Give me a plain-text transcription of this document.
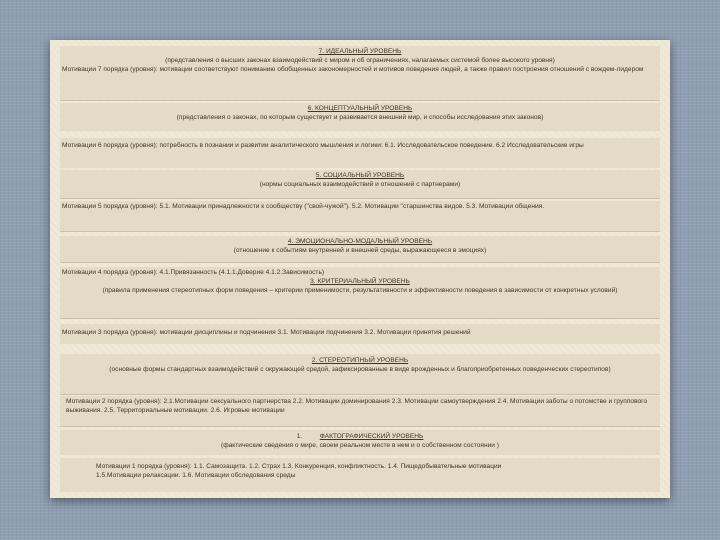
7. ИДЕАЛЬНЫЙ УРОВЕНЬ
(представления о высших законах взаимодействий с миром и об ограничениях, налагаемых системой более высокого уровня)
Мотивации 7 порядка (уровня): мотивации соответствуют пониманию обобщенных закономерностей и мотивов поведения людей, а также правил построения отношений с вождем-лидером
6. КОНЦЕПТУАЛЬНЫЙ УРОВЕНЬ
(представления о законах, по которым существует и развивается внешний мир, и способы исследования этих законов)
Мотивации 6 порядка (уровня): потребность в познании и развитии аналитического мышления и логики: 6.1. Исследовательское поведение. 6.2 Исследовательские игры
5. СОЦИАЛЬНЫЙ УРОВЕНЬ
(нормы социальных взаимодействий и отношений с партнерами)
Мотивации 5 порядка (уровня): 5.1. Мотивации принадлежности к сообществу ("свой-чужой"). 5.2. Мотивации "старшинства видов. 5.3. Мотивации общения.
4. ЭМОЦИОНАЛЬНО-МОДАЛЬНЫЙ УРОВЕНЬ
(отношение к событиям внутренней и внешней среды, выражающееся в эмоциях)
Мотивации 4 порядка (уровня): 4.1.Привязанность (4.1.1.Доверие 4.1.2.Зависимость)
3. КРИТЕРИАЛЬНЫЙ УРОВЕНЬ
(правила применения стереотипных форм поведения – критерии применимости, результативности и эффективности поведения в зависимости от конкретных условий)
Мотивации 3 порядка (уровня): мотивации дисциплины и подчинения 3.1. Мотивации подчинения 3.2. Мотивации принятия решений
2. СТЕРЕОТИПНЫЙ УРОВЕНЬ
(основные формы стандартных взаимодействий с окружающей средой, зафиксированные в виде врожденных и благоприобретенных поведенческих стереотипов)
Мотивации 2 порядка (уровня): 2.1.Мотивации сексуального партнерства 2.2. Мотивации доминирования 2.3. Мотивации самоутверждения 2.4. Мотивации заботы о потомстве и группового выживания. 2.5. Территориальные мотивации. 2.6. Игровые мотивации
1.	ФАКТОГРАФИЧЕСКИЙ УРОВЕНЬ
(фактические сведения о мире, своем реальном месте в нем и о собственном состоянии )
Мотивации 1 порядка (уровня): 1.1. Самозащита. 1.2. Страх 1.3. Конкуренция, конфликтность. 1.4. Пищедобывательные мотивации
1.5.Мотивации релаксации. 1.6. Мотивации обследования среды
